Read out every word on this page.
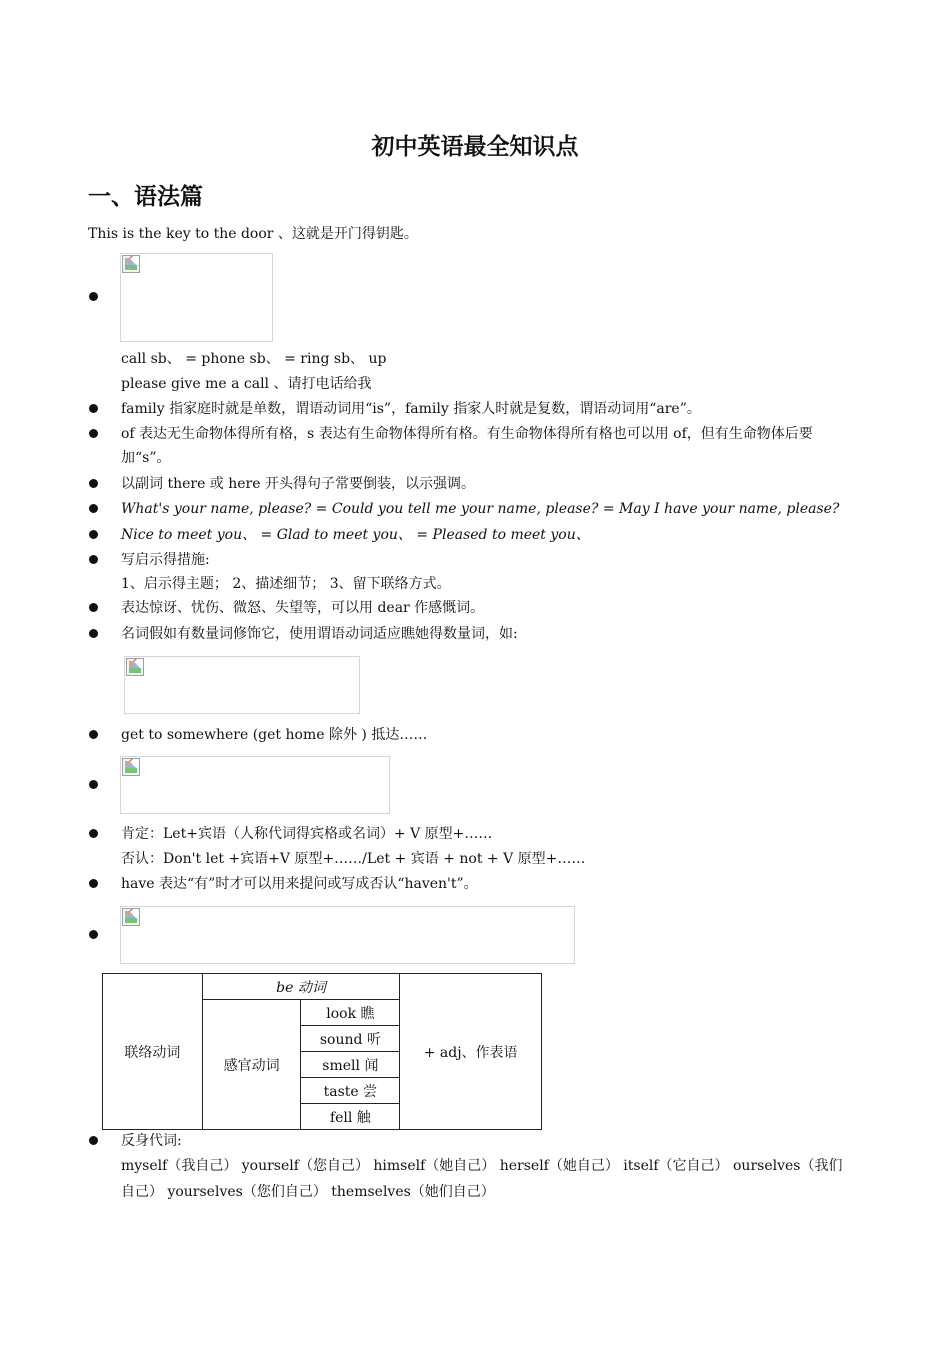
初中英语最全知识点
一、语法篇
This is the key to the door 、这就是开门得钥匙。
call sb、 = phone sb、 = ring sb、 up
please give me a call 、请打电话给我
family 指家庭时就是单数，谓语动词用“is”，family 指家人时就是复数，谓语动词用“are”。
of 表达无生命物体得所有格，s 表达有生命物体得所有格。有生命物体得所有格也可以用 of，但有生命物体后要加“s”。
以副词 there 或 here 开头得句子常要倒装，以示强调。
What's your name, please? = Could you tell me your name, please? = May I have your name, please?
Nice to meet you、 = Glad to meet you、 = Pleased to meet you、
写启示得措施:
1、启示得主题； 2、描述细节； 3、留下联络方式。
表达惊讶、忧伤、微怒、失望等，可以用 dear 作感慨词。
名词假如有数量词修饰它，使用谓语动词适应瞧她得数量词，如:
get to somewhere (get home 除外 ) 抵达……
肯定：Let+宾语（人称代词得宾格或名词）+ V 原型+……
否认：Don't let +宾语+V 原型+……/Let + 宾语 + not + V 原型+……
have 表达“有”时才可以用来提问或写成否认“haven't”。
联络动词	be 动词		+ adj、作表语
	感官动词	look 瞧	
		sound 听	
		smell 闻	
		taste 尝	
		fell 触	
反身代词:
myself（我自己） yourself（您自己） himself（她自己） herself（她自己） itself（它自己） ourselves（我们自己） yourselves（您们自己） themselves（她们自己）
